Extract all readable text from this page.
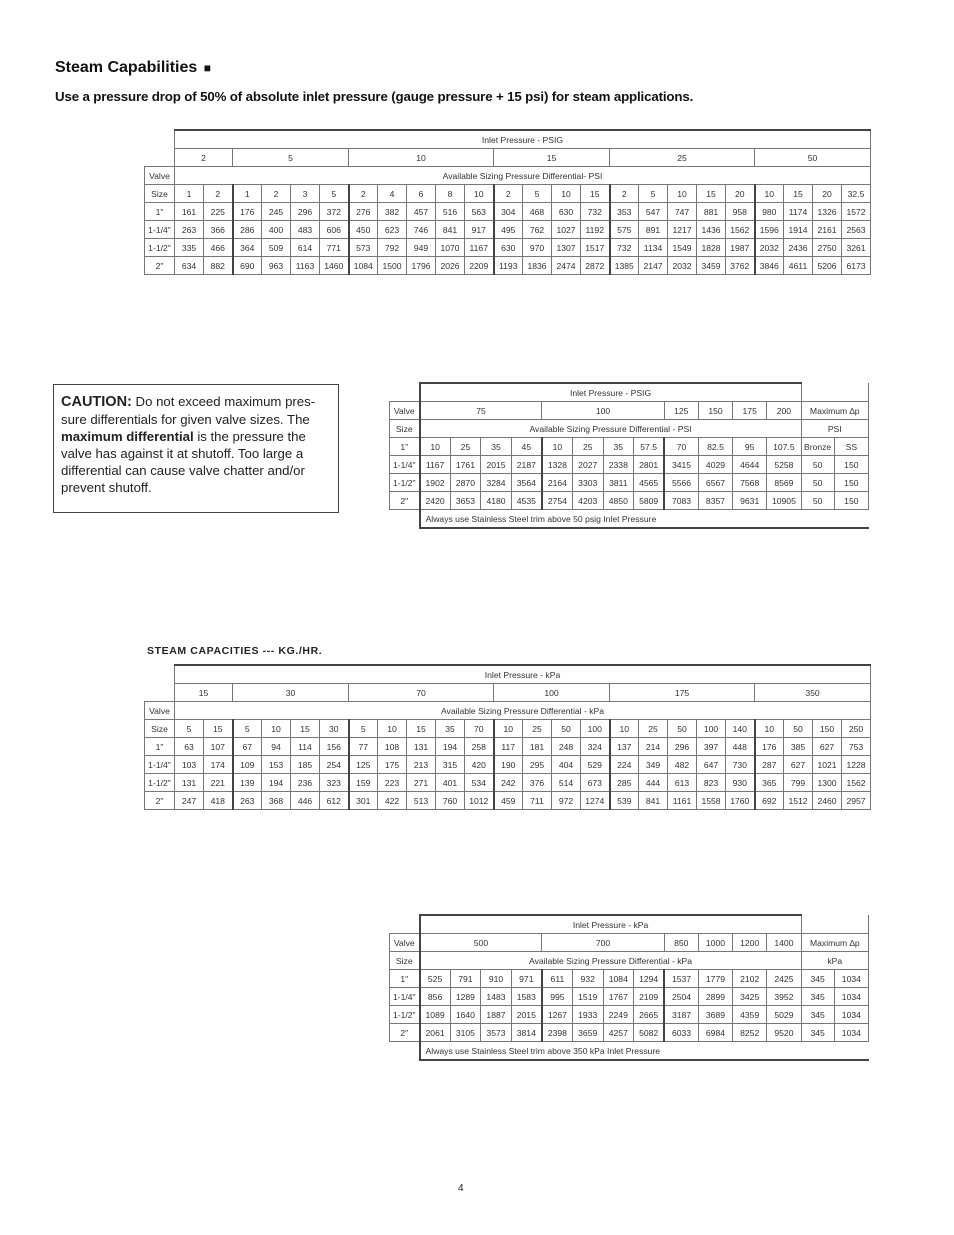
Steam Capabilities ■

Use a pressure drop of 50% of absolute inlet pressure (gauge pressure + 15 psi) for steam applications.

	Inlet Pressure - PSIG																							
	2		5				10					15				25					50			
Valve	Available Sizing Pressure Differential- PSI																							
Size	1	2	1	2	3	5	2	4	6	8	10	2	5	10	15	2	5	10	15	20	10	15	20	32.5
1"	161	225	176	245	296	372	276	382	457	516	563	304	468	630	732	353	547	747	881	958	980	1174	1326	1572
1-1/4"	263	366	286	400	483	606	450	623	746	841	917	495	762	1027	1192	575	891	1217	1436	1562	1596	1914	2161	2563
1-1/2"	335	466	364	509	614	771	573	792	949	1070	1167	630	970	1307	1517	732	1134	1549	1828	1987	2032	2436	2750	3261
2"	634	882	690	963	1163	1460	1084	1500	1796	2026	2209	1193	1836	2474	2872	1385	2147	2032	3459	3762	3846	4611	5206	6173
CAUTION: Do not exceed maximum pres-sure differentials for given valve sizes. The maximum differential is the pressure the valve has against it at shutoff. Too large a differential can cause valve chatter and/or prevent shutoff.
	Inlet Pressure - PSIG													
Valve	75				100				125	150	175	200	Maximum ∆p	
Size	Available Sizing Pressure Differential - PSI												PSI	
1"	10	25	35	45	10	25	35	57.5	70	82.5	95	107.5	Bronze	SS
1-1/4"	1167	1761	2015	2187	1328	2027	2338	2801	3415	4029	4644	5258	50	150
1-1/2"	1902	2870	3284	3564	2164	3303	3811	4565	5566	6567	7568	8569	50	150
2"	2420	3653	4180	4535	2754	4203	4850	5809	7083	8357	9631	10905	50	150
	Always use Stainless Steel trim above 50 psig Inlet Pressure													

STEAM CAPACITIES --- KG./HR.

	Inlet Pressure - kPa																							
	15		30				70					100				175					350			
Valve	Available Sizing Pressure Differential - kPa																							
Size	5	15	5	10	15	30	5	10	15	35	70	10	25	50	100	10	25	50	100	140	10	50	150	250
1"	63	107	67	94	114	156	77	108	131	194	258	117	181	248	324	137	214	296	397	448	176	385	627	753
1-1/4"	103	174	109	153	185	254	125	175	213	315	420	190	295	404	529	224	349	482	647	730	287	627	1021	1228
1-1/2"	131	221	139	194	236	323	159	223	271	401	534	242	376	514	673	285	444	613	823	930	365	799	1300	1562
2"	247	418	263	368	446	612	301	422	513	760	1012	459	711	972	1274	539	841	1161	1558	1760	692	1512	2460	2957
	Inlet Pressure - kPa													
Valve	500				700				850	1000	1200	1400	Maximum ∆p	
Size	Available Sizing Pressure Differential - kPa												kPa	
1"	525	791	910	971	611	932	1084	1294	1537	1779	2102	2425	345	1034
1-1/4"	856	1289	1483	1583	995	1519	1767	2109	2504	2899	3425	3952	345	1034
1-1/2"	1089	1640	1887	2015	1267	1933	2249	2665	3187	3689	4359	5029	345	1034
2"	2061	3105	3573	3814	2398	3659	4257	5082	6033	6984	8252	9520	345	1034
	Always use Stainless Steel trim above 350 kPa Inlet Pressure													
4
